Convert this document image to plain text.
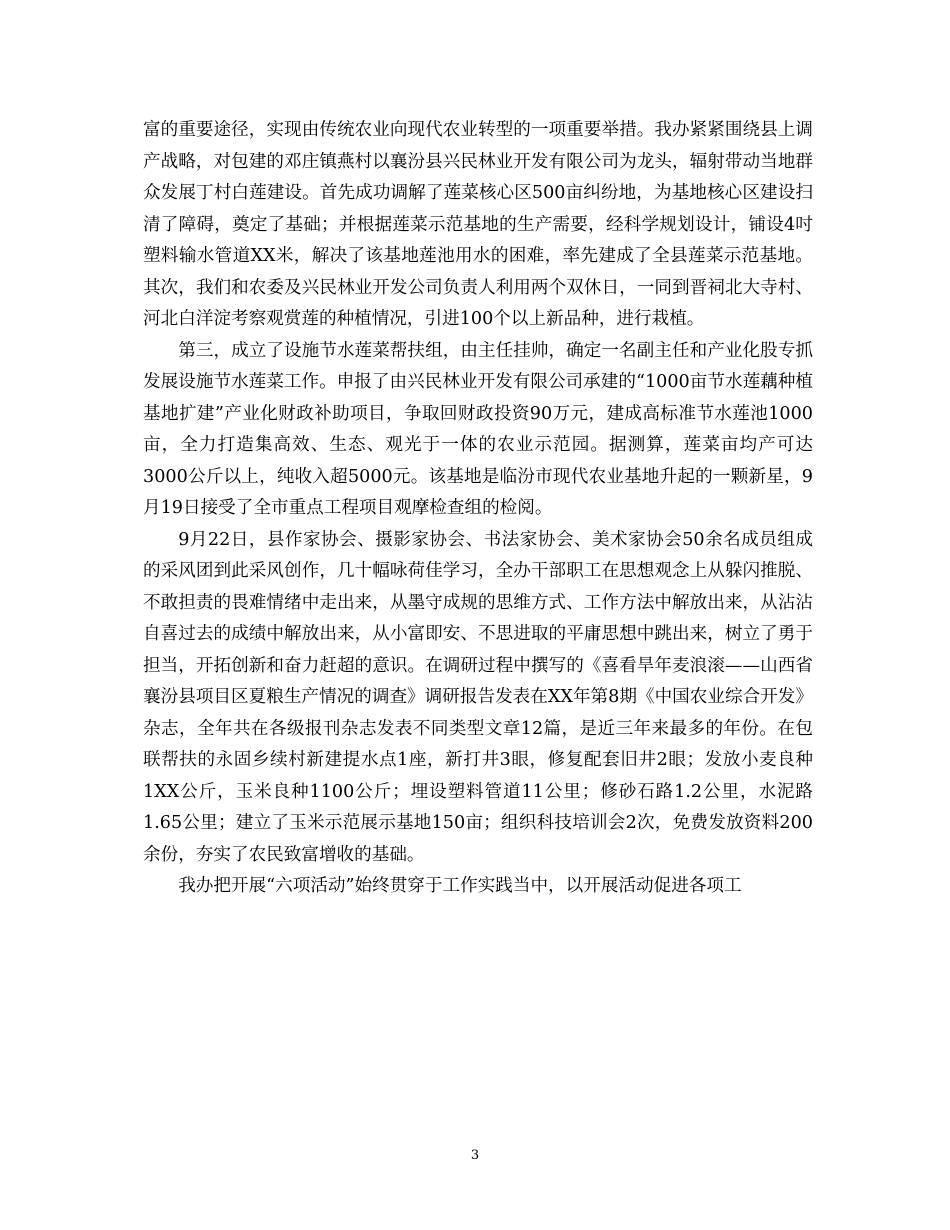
富的重要途径，实现由传统农业向现代农业转型的一项重要举措。我办紧紧围绕县上调产战略，对包建的邓庄镇燕村以襄汾县兴民林业开发有限公司为龙头，辐射带动当地群众发展丁村白莲建设。首先成功调解了莲菜核心区500亩纠纷地，为基地核心区建设扫清了障碍，奠定了基础；并根据莲菜示范基地的生产需要，经科学规划设计，铺设4吋塑料输水管道XX米，解决了该基地莲池用水的困难，率先建成了全县莲菜示范基地。其次，我们和农委及兴民林业开发公司负责人利用两个双休日，一同到晋祠北大寺村、河北白洋淀考察观赏莲的种植情况，引进100个以上新品种，进行栽植。

第三，成立了设施节水莲菜帮扶组，由主任挂帅，确定一名副主任和产业化股专抓发展设施节水莲菜工作。申报了由兴民林业开发有限公司承建的“1000亩节水莲藕种植基地扩建”产业化财政补助项目，争取回财政投资90万元，建成高标准节水莲池1000亩，全力打造集高效、生态、观光于一体的农业示范园。据测算，莲菜亩均产可达3000公斤以上，纯收入超5000元。该基地是临汾市现代农业基地升起的一颗新星，9月19日接受了全市重点工程项目观摩检查组的检阅。

9月22日，县作家协会、摄影家协会、书法家协会、美术家协会50余名成员组成的采风团到此采风创作，几十幅咏荷佳学习，全办干部职工在思想观念上从躲闪推脱、不敢担责的畏难情绪中走出来，从墨守成规的思维方式、工作方法中解放出来，从沾沾自喜过去的成绩中解放出来，从小富即安、不思进取的平庸思想中跳出来，树立了勇于担当，开拓创新和奋力赶超的意识。在调研过程中撰写的《喜看旱年麦浪滚——山西省襄汾县项目区夏粮生产情况的调查》调研报告发表在XX年第8期《中国农业综合开发》杂志，全年共在各级报刊杂志发表不同类型文章12篇，是近三年来最多的年份。在包联帮扶的永固乡续村新建提水点1座，新打井3眼，修复配套旧井2眼；发放小麦良种1XX公斤，玉米良种1100公斤；埋设塑料管道11公里；修砂石路1.2公里，水泥路1.65公里；建立了玉米示范展示基地150亩；组织科技培训会2次，免费发放资料200余份，夯实了农民致富增收的基础。

我办把开展“六项活动”始终贯穿于工作实践当中，以开展活动促进各项工

3
